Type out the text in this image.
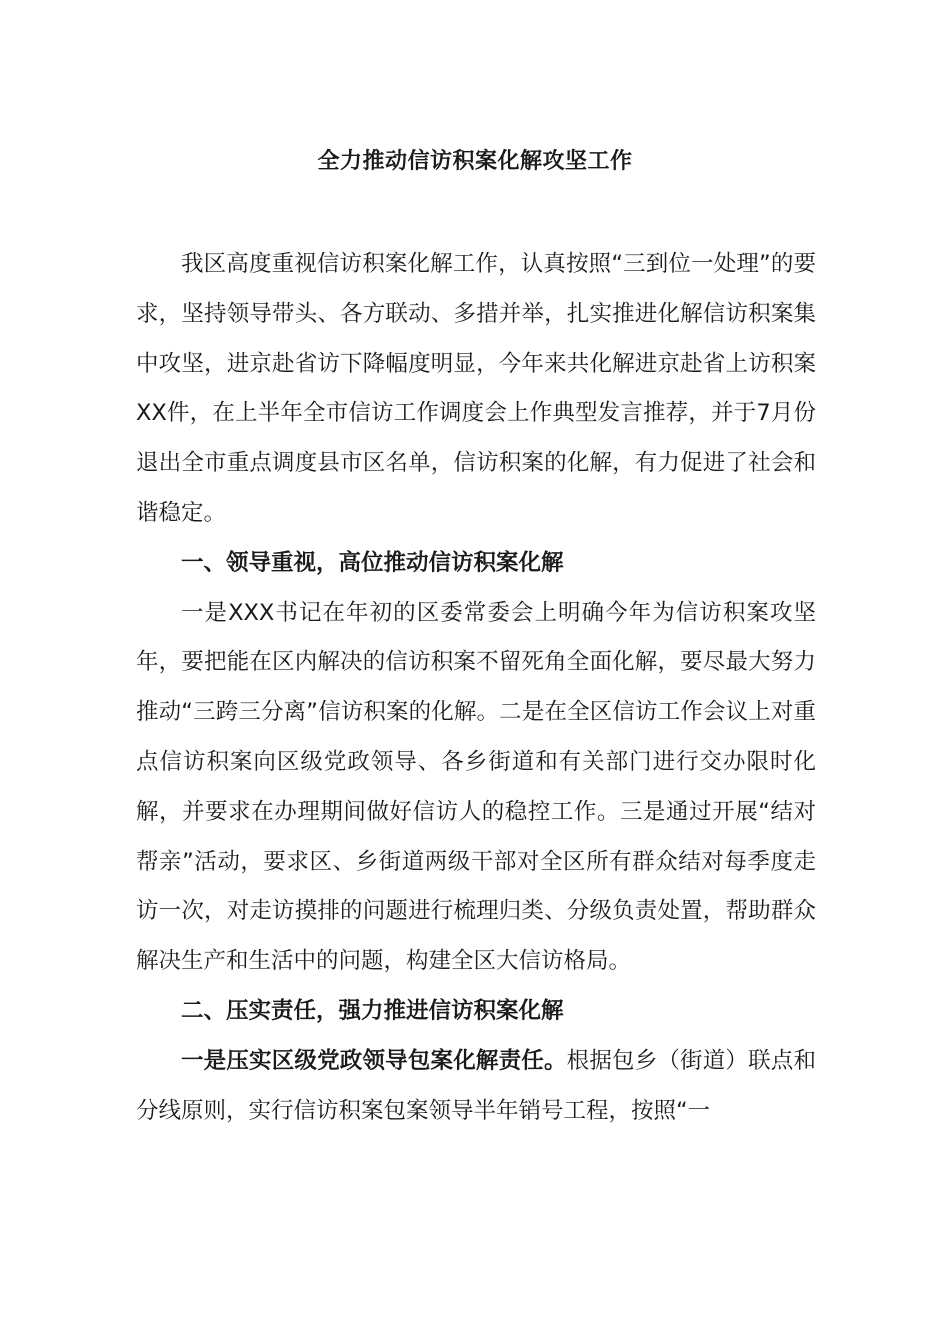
全力推动信访积案化解攻坚工作

我区高度重视信访积案化解工作，认真按照“三到位一处理”的要求，坚持领导带头、各方联动、多措并举，扎实推进化解信访积案集中攻坚，进京赴省访下降幅度明显，今年来共化解进京赴省上访积案XX件，在上半年全市信访工作调度会上作典型发言推荐，并于7月份退出全市重点调度县市区名单，信访积案的化解，有力促进了社会和谐稳定。

一、领导重视，高位推动信访积案化解

一是XXX书记在年初的区委常委会上明确今年为信访积案攻坚年，要把能在区内解决的信访积案不留死角全面化解，要尽最大努力推动“三跨三分离”信访积案的化解。二是在全区信访工作会议上对重点信访积案向区级党政领导、各乡街道和有关部门进行交办限时化解，并要求在办理期间做好信访人的稳控工作。三是通过开展“结对帮亲”活动，要求区、乡街道两级干部对全区所有群众结对每季度走访一次，对走访摸排的问题进行梳理归类、分级负责处置，帮助群众解决生产和生活中的问题，构建全区大信访格局。

二、压实责任，强力推进信访积案化解

一是压实区级党政领导包案化解责任。根据包乡（街道）联点和分线原则，实行信访积案包案领导半年销号工程，按照“一
